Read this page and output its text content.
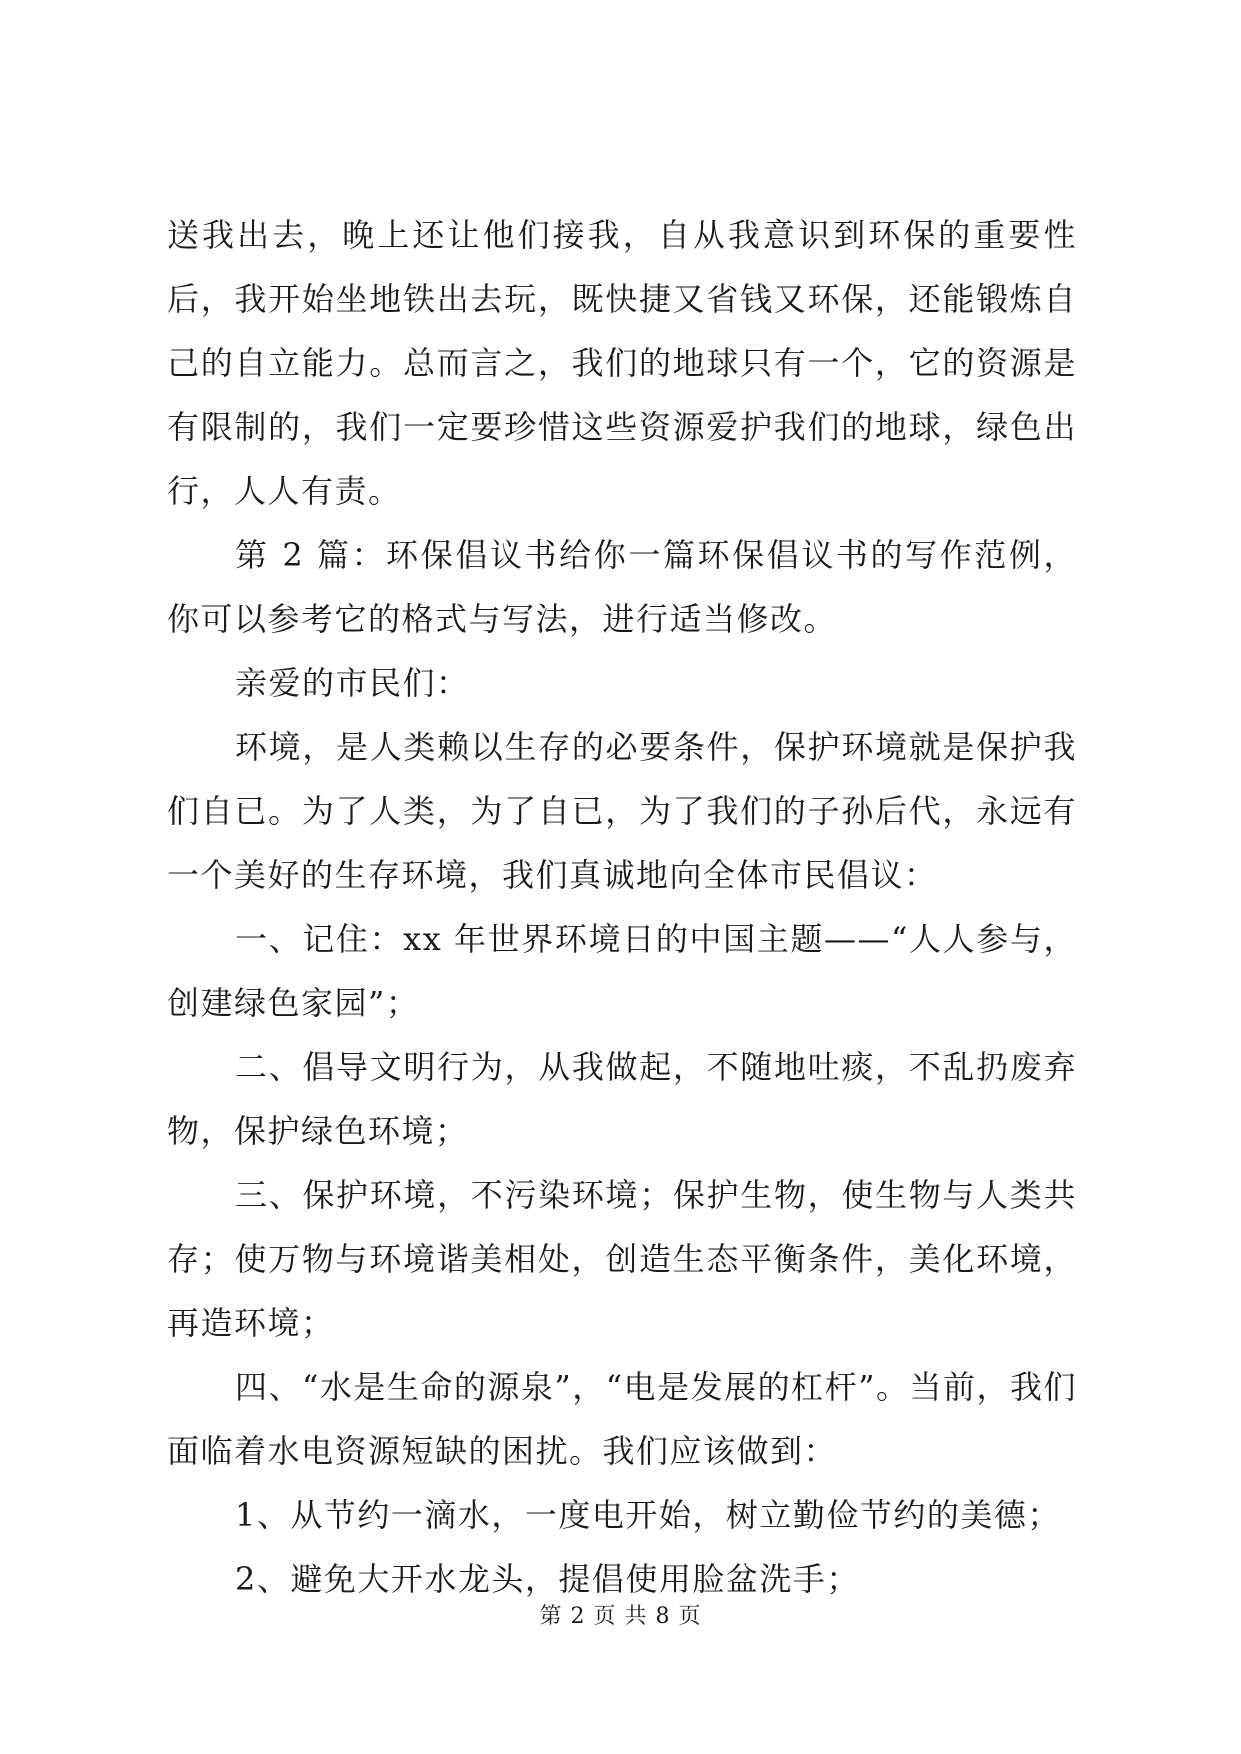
送我出去，晚上还让他们接我，自从我意识到环保的重要性后，我开始坐地铁出去玩，既快捷又省钱又环保，还能锻炼自己的自立能力。总而言之，我们的地球只有一个，它的资源是有限制的，我们一定要珍惜这些资源爱护我们的地球，绿色出行，人人有责。

第 2 篇：环保倡议书给你一篇环保倡议书的写作范例，你可以参考它的格式与写法，进行适当修改。

亲爱的市民们：

环境，是人类赖以生存的必要条件，保护环境就是保护我们自已。为了人类，为了自已，为了我们的子孙后代，永远有一个美好的生存环境，我们真诚地向全体市民倡议：

一、记住：xx 年世界环境日的中国主题——“人人参与，创建绿色家园”；

二、倡导文明行为，从我做起，不随地吐痰，不乱扔废弃物，保护绿色环境；

三、保护环境，不污染环境；保护生物，使生物与人类共存；使万物与环境谐美相处，创造生态平衡条件，美化环境，再造环境；

四、“水是生命的源泉”，“电是发展的杠杆”。当前，我们面临着水电资源短缺的困扰。我们应该做到：

1、从节约一滴水，一度电开始，树立勤俭节约的美德；

2、避免大开水龙头，提倡使用脸盆洗手；

第 2 页 共 8 页
